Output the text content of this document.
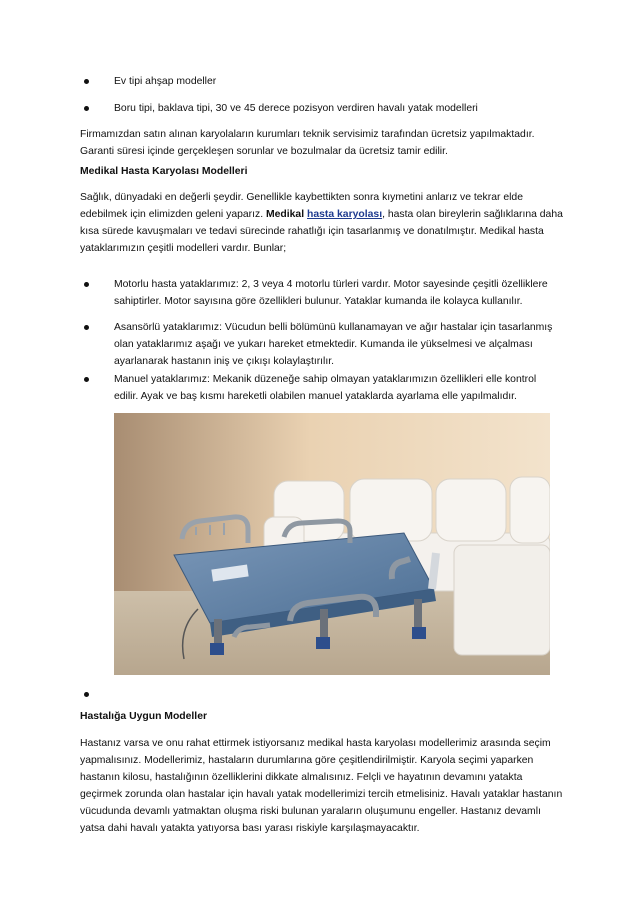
Ev tipi ahşap modeller
Boru tipi, baklava tipi, 30 ve 45 derece pozisyon verdiren havalı yatak modelleri

Firmamızdan satın alınan karyolaların kurumları teknik servisimiz tarafından ücretsiz yapılmaktadır. Garanti süresi içinde gerçekleşen sorunlar ve bozulmalar da ücretsiz tamir edilir.

Medikal Hasta Karyolası Modelleri

Sağlık, dünyadaki en değerli şeydir. Genellikle kaybettikten sonra kıymetini anlarız ve tekrar elde edebilmek için elimizden geleni yaparız. Medikal hasta karyolası, hasta olan bireylerin sağlıklarına daha kısa sürede kavuşmaları ve tedavi sürecinde rahatlığı için tasarlanmış ve donatılmıştır. Medikal hasta yataklarımızın çeşitli modelleri vardır. Bunlar;

Motorlu hasta yataklarımız: 2, 3 veya 4 motorlu türleri vardır. Motor sayesinde çeşitli özelliklere sahiptirler. Motor sayısına göre özellikleri bulunur. Yataklar kumanda ile kolayca kullanılır.
Asansörlü yataklarımız: Vücudun belli bölümünü kullanamayan ve ağır hastalar için tasarlanmış olan yataklarımız aşağı ve yukarı hareket etmektedir. Kumanda ile yükselmesi ve alçalması ayarlanarak hastanın iniş ve çıkışı kolaylaştırılır.
Manuel yataklarımız: Mekanik düzeneğe sahip olmayan yataklarımızın özellikleri elle kontrol edilir. Ayak ve baş kısmı hareketli olabilen manuel yataklarda ayarlama elle yapılmalıdır.

Hastalığa Uygun Modeller

Hastanız varsa ve onu rahat ettirmek istiyorsanız medikal hasta karyolası modellerimiz arasında seçim yapmalısınız. Modellerimiz, hastaların durumlarına göre çeşitlendirilmiştir. Karyola seçimi yaparken hastanın kilosu, hastalığının özelliklerini dikkate almalısınız. Felçli ve hayatının devamını yatakta geçirmek zorunda olan hastalar için havalı yatak modellerimizi tercih etmelisiniz. Havalı yataklar hastanın vücudunda devamlı yatmaktan oluşma riski bulunan yaraların oluşumunu engeller. Hastanız devamlı yatsa dahi havalı yatakta yatıyorsa bası yarası riskiyle karşılaşmayacaktır.
